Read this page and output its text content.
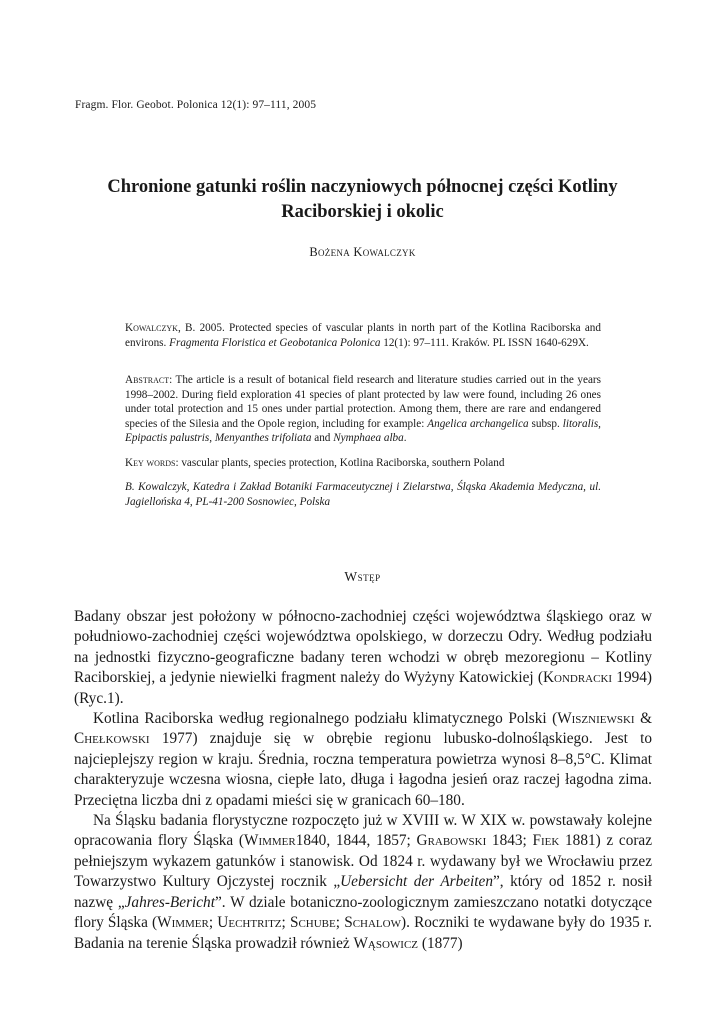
Fragm. Flor. Geobot. Polonica 12(1): 97–111, 2005
Chronione gatunki roślin naczyniowych północnej części Kotliny
Raciborskiej i okolic
Bożena Kowalczyk

Kowalczyk, B. 2005. Protected species of vascular plants in north part of the Kotlina Raciborska and environs. Fragmenta Floristica et Geobotanica Polonica 12(1): 97–111. Kraków. PL ISSN 1640-629X.

Abstract: The article is a result of botanical field research and literature studies carried out in the years 1998–2002. During field exploration 41 species of plant protected by law were found, including 26 ones under total protection and 15 ones under partial protection. Among them, there are rare and endangered species of the Silesia and the Opole region, including for example: Angelica archangelica subsp. litoralis, Epipactis palustris, Menyanthes trifoliata and Nymphaea alba.

Key words: vascular plants, species protection, Kotlina Raciborska, southern Poland

B. Kowalczyk, Katedra i Zakład Botaniki Farmaceutycznej i Zielarstwa, Śląska Akademia Medyczna, ul. Jagiellońska 4, PL-41-200 Sosnowiec, Polska

Wstęp

Badany obszar jest położony w północno-zachodniej części województwa śląskiego oraz w południowo-zachodniej części województwa opolskiego, w dorzeczu Odry. Według podziału na jednostki fizyczno-geograficzne badany teren wchodzi w obręb mezoregionu – Kotliny Raciborskiej, a jedynie niewielki fragment należy do Wyżyny Katowickiej (Kondracki 1994) (Ryc.1).

Kotlina Raciborska według regionalnego podziału klimatycznego Polski (Wiszniewski & Chełkowski 1977) znajduje się w obrębie regionu lubusko-dolnośląskiego. Jest to najcieplejszy region w kraju. Średnia, roczna temperatura powietrza wynosi 8–8,5°C. Klimat charakteryzuje wczesna wiosna, ciepłe lato, długa i łagodna jesień oraz raczej łagodna zima. Przeciętna liczba dni z opadami mieści się w granicach 60–180.

Na Śląsku badania florystyczne rozpoczęto już w XVIII w. W XIX w. powstawały kolejne opracowania flory Śląska (Wimmer1840, 1844, 1857; Grabowski 1843; Fiek 1881) z coraz pełniejszym wykazem gatunków i stanowisk. Od 1824 r. wydawany był we Wrocławiu przez Towarzystwo Kultury Ojczystej rocznik „Uebersicht der Arbeiten”, który od 1852 r. nosił nazwę „Jahres-Bericht”. W dziale botaniczno-zoologicznym zamieszczano notatki dotyczące flory Śląska (Wimmer; Uechtritz; Schube; Schalow). Roczniki te wydawane były do 1935 r. Badania na terenie Śląska prowadził również Wąsowicz (1877)
